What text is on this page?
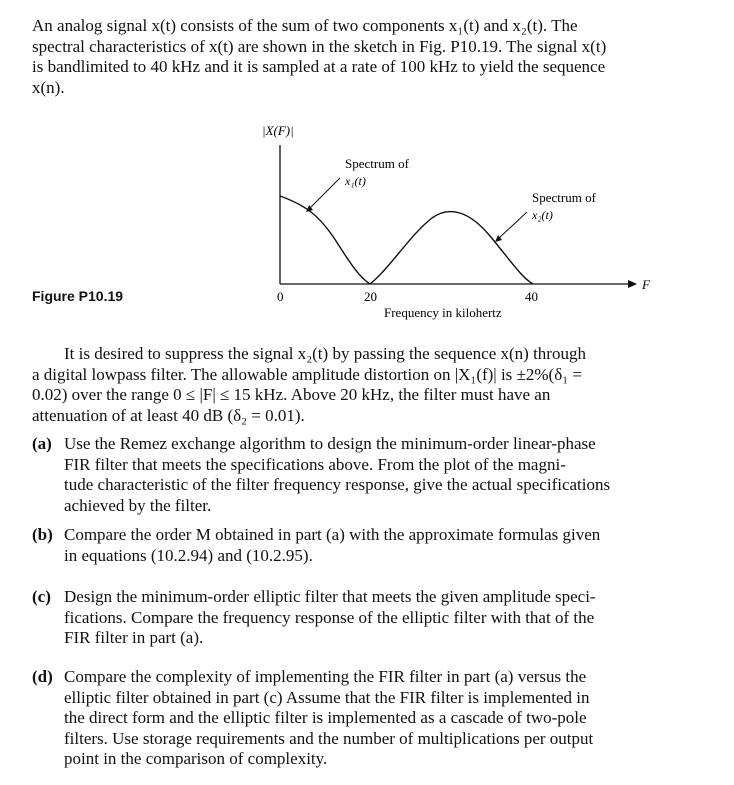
An analog signal x(t) consists of the sum of two components x₁(t) and x₂(t). The
spectral characteristics of x(t) are shown in the sketch in Fig. P10.19. The signal x(t)
is bandlimited to 40 kHz and it is sampled at a rate of 100 kHz to yield the sequence
x(n).
Figure P10.19
|X(F)|
F
0	20	40
Frequency in kilohertz
Spectrum of
x₁(t)
Spectrum of
x₂(t)
It is desired to suppress the signal x₂(t) by passing the sequence x(n) through
a digital lowpass filter. The allowable amplitude distortion on |X₁(f)| is ±2%(δ₁ =
0.02) over the range 0 ≤ |F| ≤ 15 kHz. Above 20 kHz, the filter must have an
attenuation of at least 40 dB (δ₂ = 0.01).
(a) Use the Remez exchange algorithm to design the minimum-order linear-phase
FIR filter that meets the specifications above. From the plot of the magni-
tude characteristic of the filter frequency response, give the actual specifications
achieved by the filter.
(b) Compare the order M obtained in part (a) with the approximate formulas given
in equations (10.2.94) and (10.2.95).
(c) Design the minimum-order elliptic filter that meets the given amplitude speci-
fications. Compare the frequency response of the elliptic filter with that of the
FIR filter in part (a).
(d) Compare the complexity of implementing the FIR filter in part (a) versus the
elliptic filter obtained in part (c) Assume that the FIR filter is implemented in
the direct form and the elliptic filter is implemented as a cascade of two-pole
filters. Use storage requirements and the number of multiplications per output
point in the comparison of complexity.
